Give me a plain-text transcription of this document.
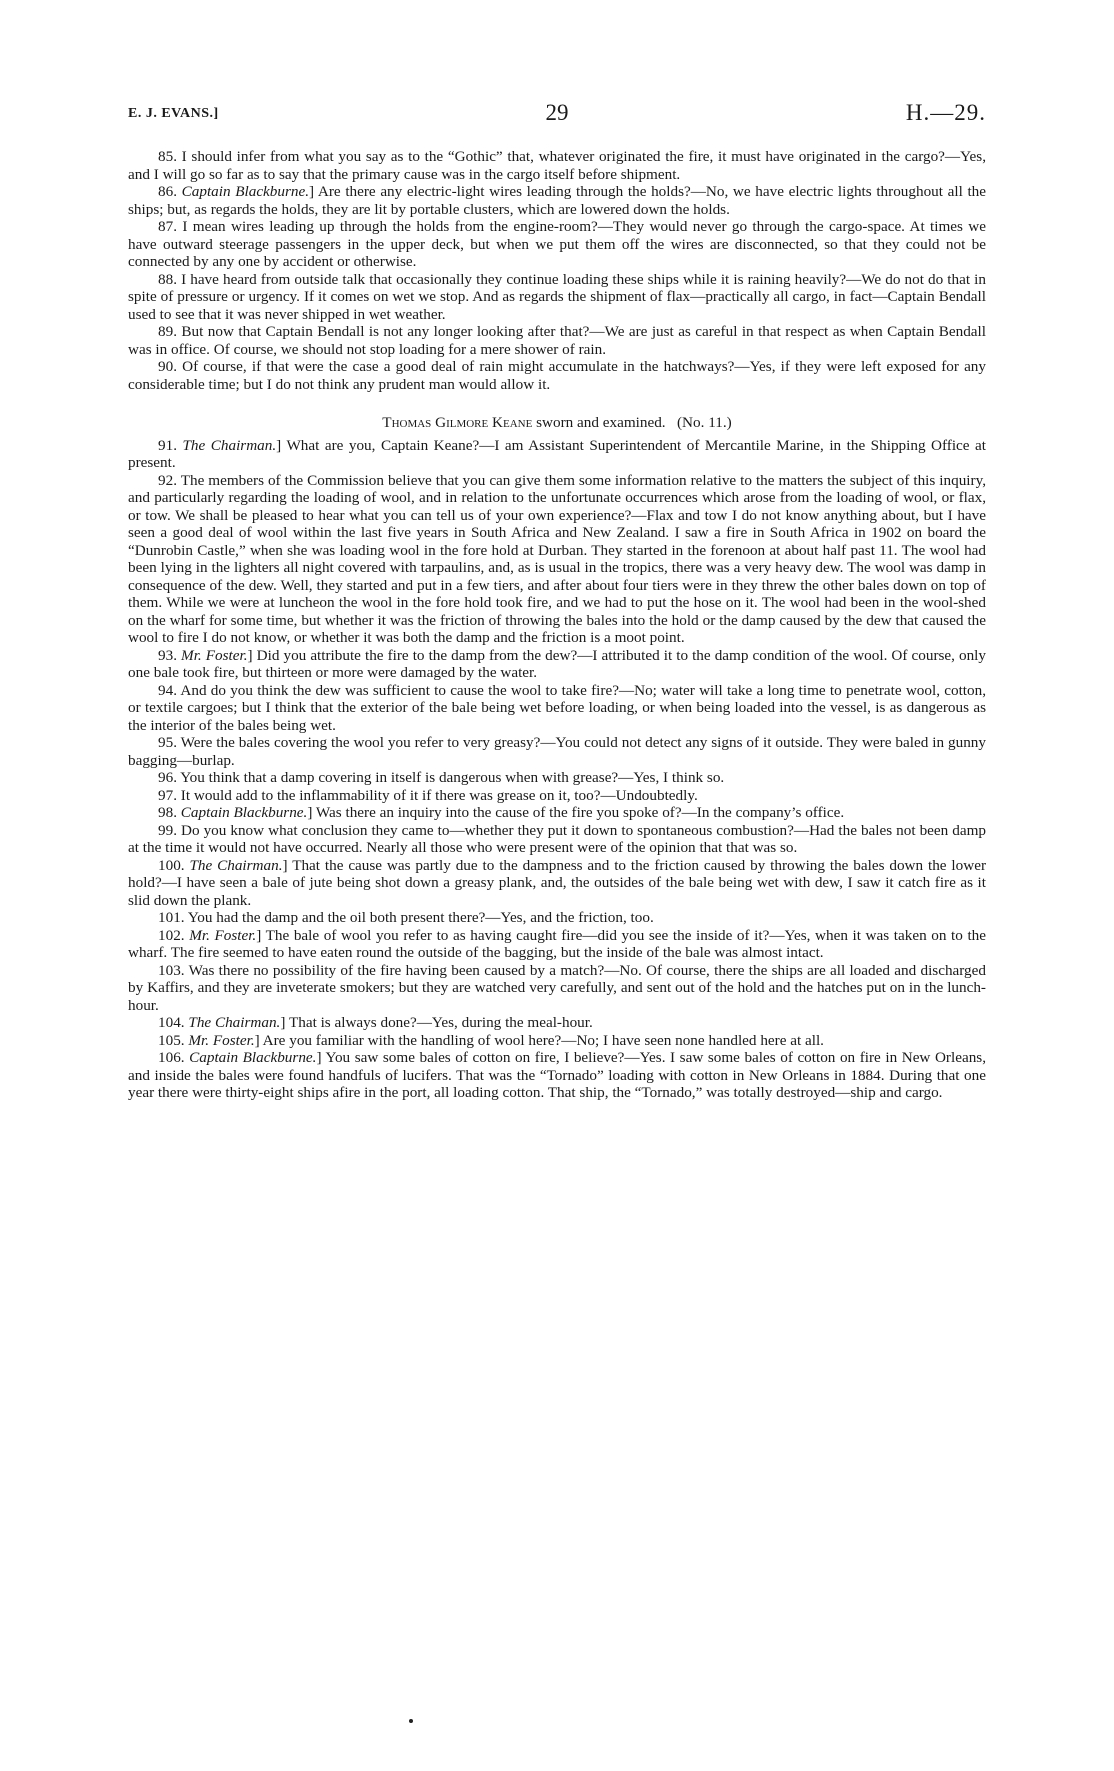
E. J. EVANS.]	29	H.—29.

85. I should infer from what you say as to the “Gothic” that, whatever originated the fire, it must have originated in the cargo?—Yes, and I will go so far as to say that the primary cause was in the cargo itself before shipment.

86. Captain Blackburne.] Are there any electric-light wires leading through the holds?—No, we have electric lights throughout all the ships; but, as regards the holds, they are lit by portable clusters, which are lowered down the holds.

87. I mean wires leading up through the holds from the engine-room?—They would never go through the cargo-space. At times we have outward steerage passengers in the upper deck, but when we put them off the wires are disconnected, so that they could not be connected by any one by accident or otherwise.

88. I have heard from outside talk that occasionally they continue loading these ships while it is raining heavily?—We do not do that in spite of pressure or urgency. If it comes on wet we stop. And as regards the shipment of flax—practically all cargo, in fact—Captain Bendall used to see that it was never shipped in wet weather.

89. But now that Captain Bendall is not any longer looking after that?—We are just as careful in that respect as when Captain Bendall was in office. Of course, we should not stop loading for a mere shower of rain.

90. Of course, if that were the case a good deal of rain might accumulate in the hatchways?—Yes, if they were left exposed for any considerable time; but I do not think any prudent man would allow it.

Thomas Gilmore Keane sworn and examined. (No. 11.)

91. The Chairman.] What are you, Captain Keane?—I am Assistant Superintendent of Mercantile Marine, in the Shipping Office at present.

92. The members of the Commission believe that you can give them some information relative to the matters the subject of this inquiry, and particularly regarding the loading of wool, and in relation to the unfortunate occurrences which arose from the loading of wool, or flax, or tow. We shall be pleased to hear what you can tell us of your own experience?—Flax and tow I do not know anything about, but I have seen a good deal of wool within the last five years in South Africa and New Zealand. I saw a fire in South Africa in 1902 on board the “Dunrobin Castle,” when she was loading wool in the fore hold at Durban. They started in the forenoon at about half past 11. The wool had been lying in the lighters all night covered with tarpaulins, and, as is usual in the tropics, there was a very heavy dew. The wool was damp in consequence of the dew. Well, they started and put in a few tiers, and after about four tiers were in they threw the other bales down on top of them. While we were at luncheon the wool in the fore hold took fire, and we had to put the hose on it. The wool had been in the wool-shed on the wharf for some time, but whether it was the friction of throwing the bales into the hold or the damp caused by the dew that caused the wool to fire I do not know, or whether it was both the damp and the friction is a moot point.

93. Mr. Foster.] Did you attribute the fire to the damp from the dew?—I attributed it to the damp condition of the wool. Of course, only one bale took fire, but thirteen or more were damaged by the water.

94. And do you think the dew was sufficient to cause the wool to take fire?—No; water will take a long time to penetrate wool, cotton, or textile cargoes; but I think that the exterior of the bale being wet before loading, or when being loaded into the vessel, is as dangerous as the interior of the bales being wet.

95. Were the bales covering the wool you refer to very greasy?—You could not detect any signs of it outside. They were baled in gunny bagging—burlap.

96. You think that a damp covering in itself is dangerous when with grease?—Yes, I think so.

97. It would add to the inflammability of it if there was grease on it, too?—Undoubtedly.

98. Captain Blackburne.] Was there an inquiry into the cause of the fire you spoke of?—In the company’s office.

99. Do you know what conclusion they came to—whether they put it down to spontaneous combustion?—Had the bales not been damp at the time it would not have occurred. Nearly all those who were present were of the opinion that that was so.

100. The Chairman.] That the cause was partly due to the dampness and to the friction caused by throwing the bales down the lower hold?—I have seen a bale of jute being shot down a greasy plank, and, the outsides of the bale being wet with dew, I saw it catch fire as it slid down the plank.

101. You had the damp and the oil both present there?—Yes, and the friction, too.

102. Mr. Foster.] The bale of wool you refer to as having caught fire—did you see the inside of it?—Yes, when it was taken on to the wharf. The fire seemed to have eaten round the outside of the bagging, but the inside of the bale was almost intact.

103. Was there no possibility of the fire having been caused by a match?—No. Of course, there the ships are all loaded and discharged by Kaffirs, and they are inveterate smokers; but they are watched very carefully, and sent out of the hold and the hatches put on in the lunch-hour.

104. The Chairman.] That is always done?—Yes, during the meal-hour.

105. Mr. Foster.] Are you familiar with the handling of wool here?—No; I have seen none handled here at all.

106. Captain Blackburne.] You saw some bales of cotton on fire, I believe?—Yes. I saw some bales of cotton on fire in New Orleans, and inside the bales were found handfuls of lucifers. That was the “Tornado” loading with cotton in New Orleans in 1884. During that one year there were thirty-eight ships afire in the port, all loading cotton. That ship, the “Tornado,” was totally destroyed—ship and cargo.
